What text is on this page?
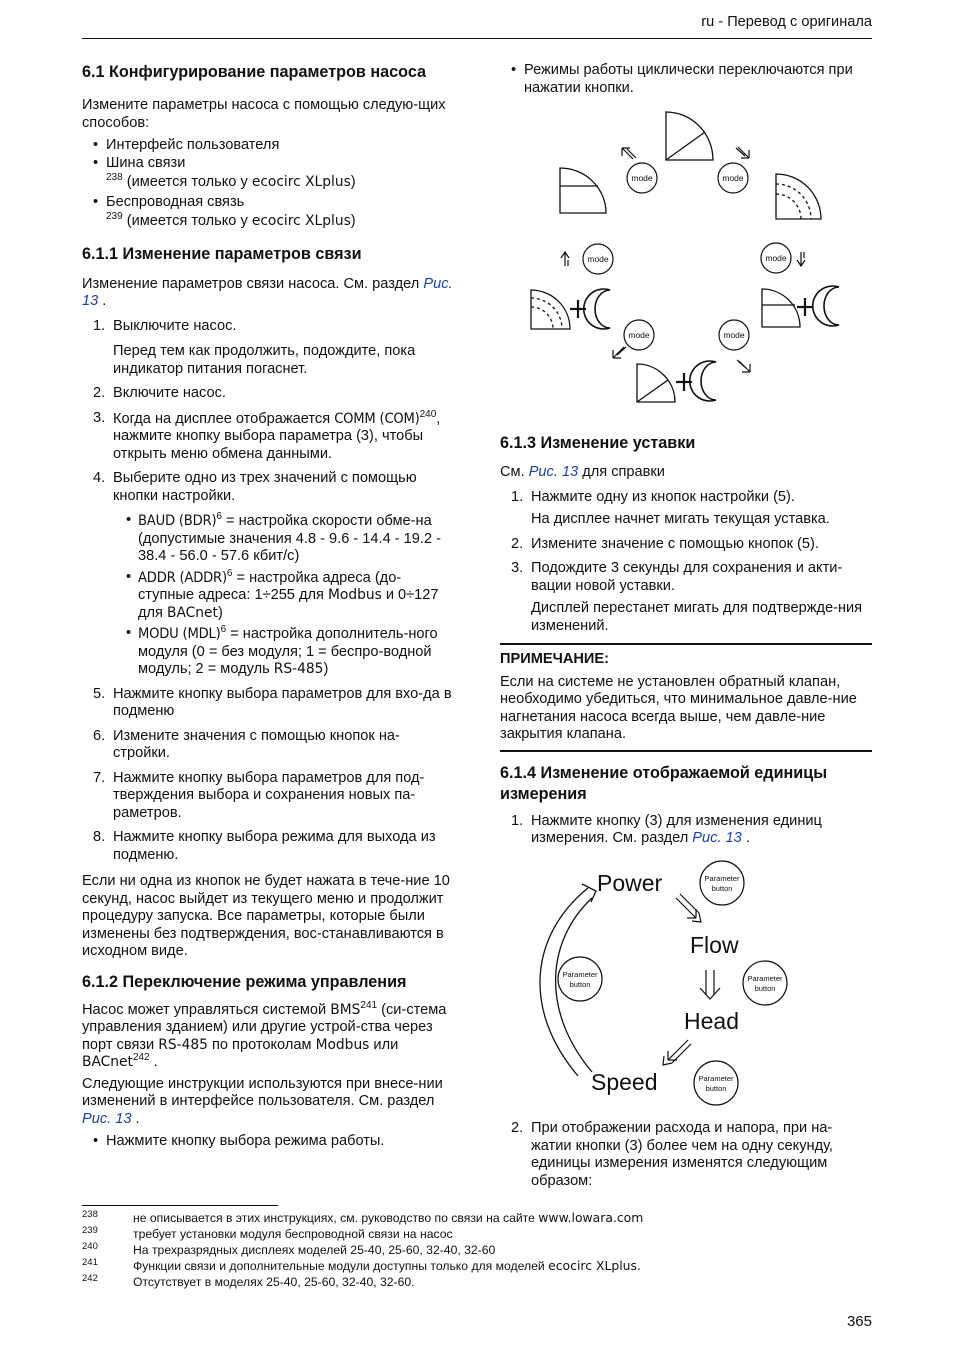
ru - Перевод с оригинала
6.1 Конфигурирование параметров насоса

Измените параметры насоса с помощью следую-щих способов:

• Интерфейс пользователя
• Шина связи
$^{238}$ (имеется только у ecocirc XLplus)
• Беспроводная связь
$^{239}$ (имеется только у ecocirc XLplus)
6.1.1 Изменение параметров связи

Изменение параметров связи насоса. См. раздел Рис. 13 .

1. Выключите насос.
Перед тем как продолжить, подождите, пока индикатор питания погаснет.
2. Включите насос.
3. Когда на дисплее отображается COMM (COM)$^{240}$, нажмите кнопку выбора параметра (3), чтобы открыть меню обмена данными.
4. Выберите одно из трех значений с помощью кнопки настройки.
• BAUD (BDR)$^6$ = настройка скорости обме-на (допустимые значения 4.8 - 9.6 - 14.4 - 19.2 - 38.4 - 56.0 - 57.6 кбит/с)
• ADDR (ADDR)$^6$ = настройка адреса (до-ступные адреса: 1÷255 для Modbus и 0÷127 для BACnet)
• MODU (MDL)$^6$ = настройка дополнитель-ного модуля (0 = без модуля; 1 = беспро-водной модуль; 2 = модуль RS-485)
5. Нажмите кнопку выбора параметров для вхо-да в подменю
6. Измените значения с помощью кнопок на-стройки.
7. Нажмите кнопку выбора параметров для под-тверждения выбора и сохранения новых па-раметров.
8. Нажмите кнопку выбора режима для выхода из подменю.

Если ни одна из кнопок не будет нажата в тече-ние 10 секунд, насос выйдет из текущего меню и продолжит процедуру запуска. Все параметры, которые были изменены без подтверждения, вос-станавливаются в исходном виде.

6.1.2 Переключение режима управления

Насос может управляться системой BMS$^{241}$ (си-стема управления зданием) или другие устрой-ства через порт связи RS-485 по протоколам Modbus или BACnet$^{242}$ .

Следующие инструкции используются при внесе-нии изменений в интерфейсе пользователя. См. раздел Рис. 13 .

• Нажмите кнопку выбора режима работы.
• Режимы работы циклически переключаются при нажатии кнопки.
mode	mode
mode	mode
mode	mode
6.1.3 Изменение уставки

См. Рис. 13 для справки

1. Нажмите одну из кнопок настройки (5).
На дисплее начнет мигать текущая уставка.
2. Измените значение с помощью кнопок (5).
3. Подождите 3 секунды для сохранения и акти-вации новой уставки.
Дисплей перестанет мигать для подтвержде-ния изменений.

ПРИМЕЧАНИЕ:

Если на системе не установлен обратный клапан, необходимо убедиться, что минимальное давле-ние нагнетания насоса всегда выше, чем давле-ние закрытия клапана.

6.1.4 Изменение отображаемой единицы измерения
1. Нажмите кнопку (3) для изменения единиц измерения. См. раздел Рис. 13 .
Power
Flow
Head
Speed
Parameter
button
Parameter
button
Parameter
button
Parameter
button
2. При отображении расхода и напора, при на-жатии кнопки (3) более чем на одну секунду, единицы измерения изменятся следующим образом:
238	не описывается в этих инструкциях, см. руководство по связи на сайте www.lowara.com
239	требует установки модуля беспроводной связи на насос
240	На трехразрядных дисплеях моделей 25-40, 25-60, 32-40, 32-60
241	Функции связи и дополнительные модули доступны только для моделей ecocirc XLplus.
242	Отсутствует в моделях 25-40, 25-60, 32-40, 32-60.
365
